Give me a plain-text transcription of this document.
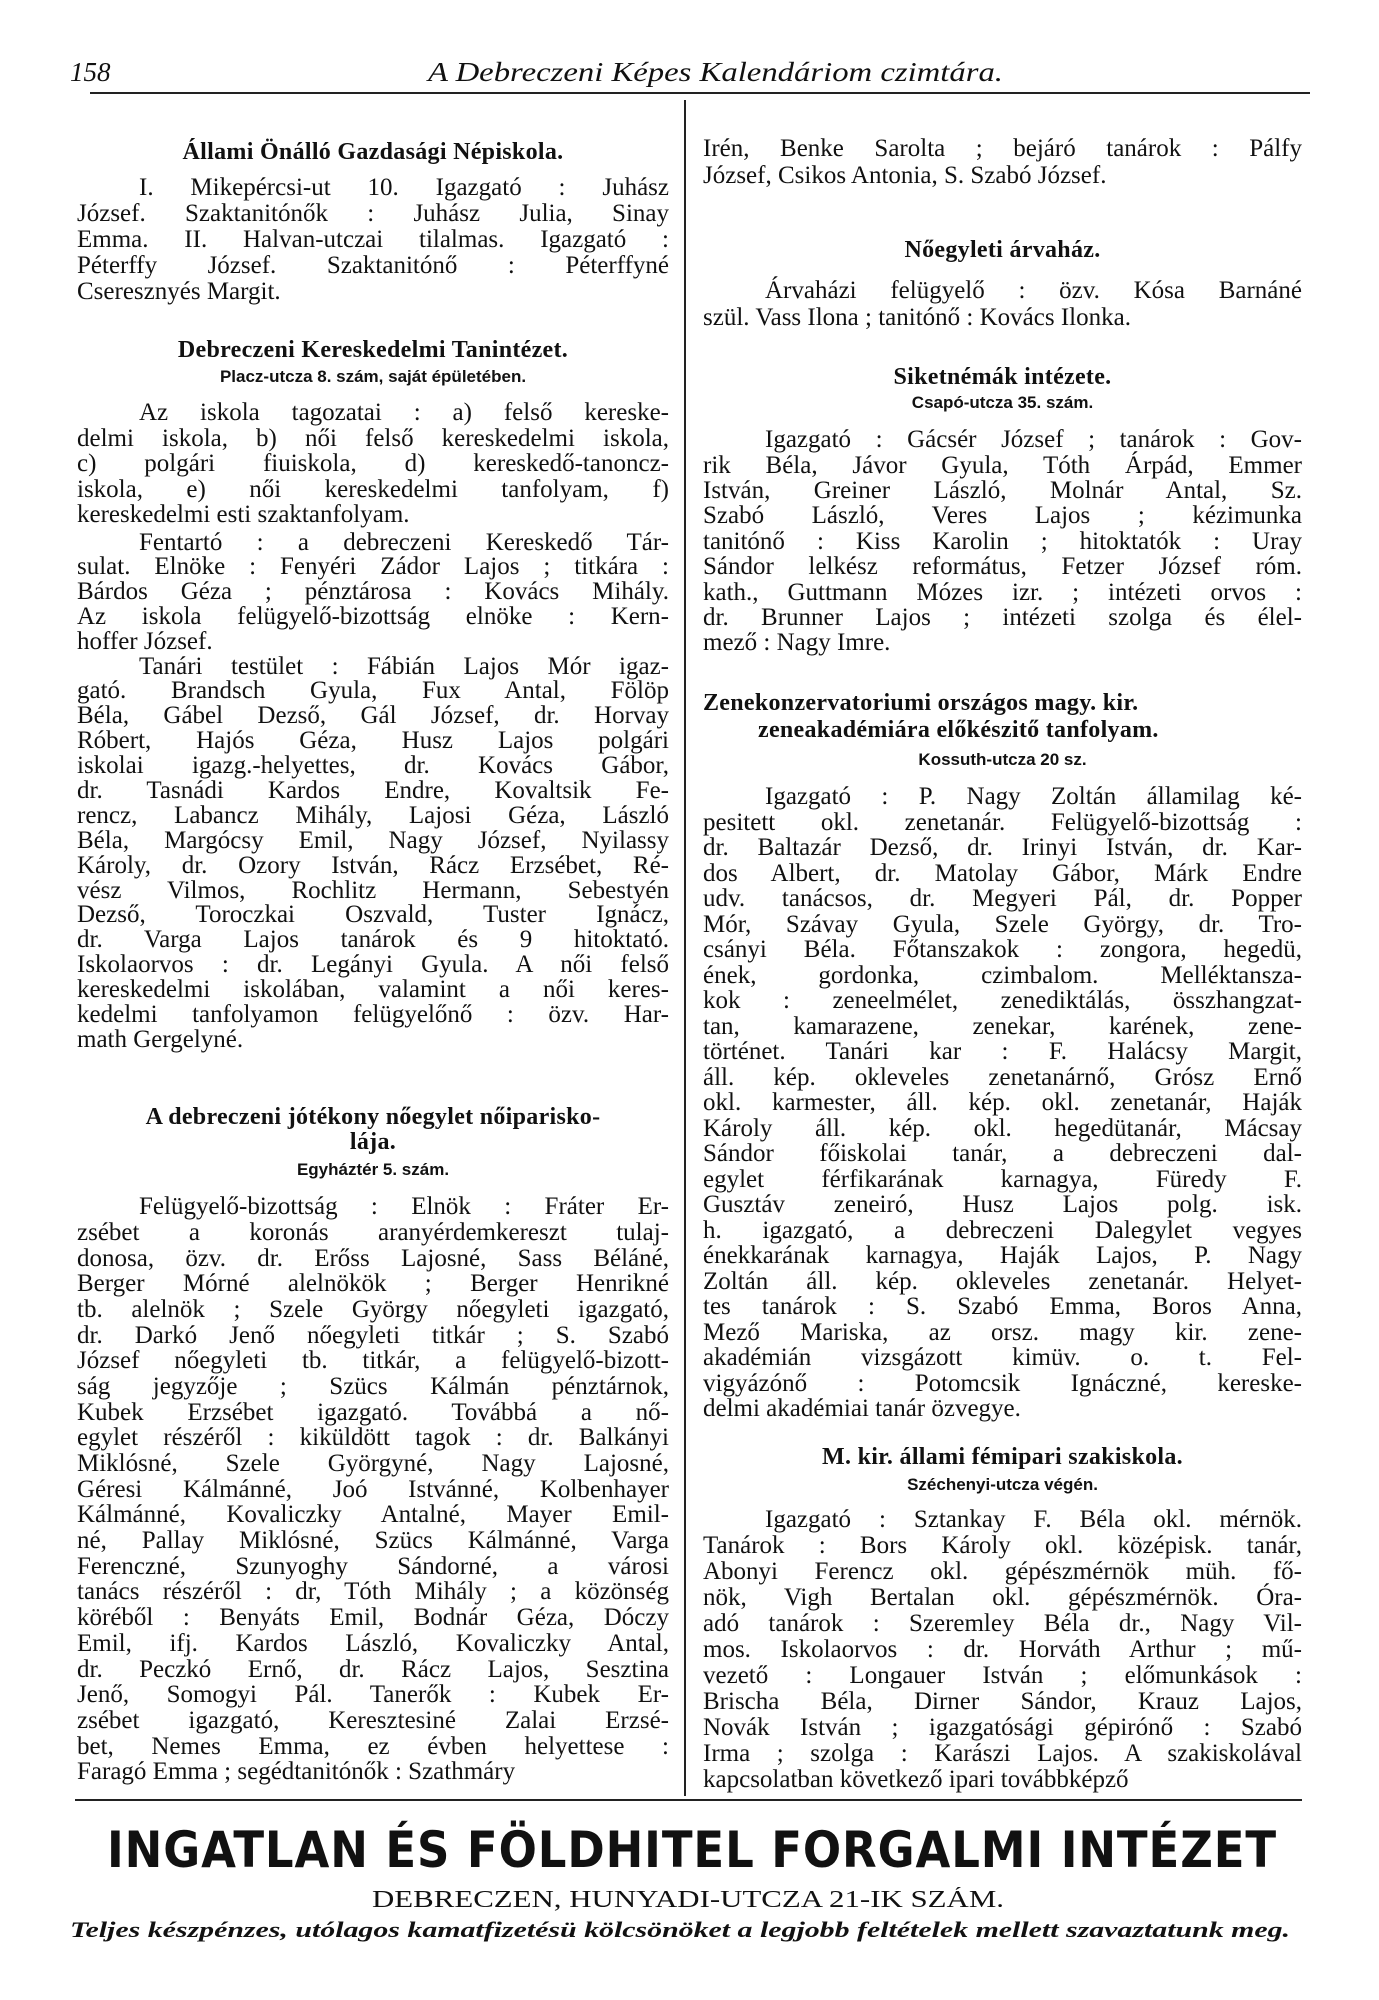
158	A Debreczeni Képes Kalendáriom czimtára.
Állami Önálló Gazdasági Népiskola.
I. Mikepércsi-ut 10. Igazgató : Juhász
József. Szaktanitónők : Juhász Julia, Sinay
Emma. II. Halvan-utczai tilalmas. Igazgató :
Péterffy József. Szaktanitónő : Péterffyné
Cseresznyés Margit.
Debreczeni Kereskedelmi Tanintézet.
Placz-utcza 8. szám, saját épületében.
Az iskola tagozatai : a) felső kereske-
delmi iskola, b) női felső kereskedelmi iskola,
c) polgári fiuiskola, d) kereskedő-tanoncz-
iskola, e) női kereskedelmi tanfolyam, f)
kereskedelmi esti szaktanfolyam.
Fentartó : a debreczeni Kereskedő Tár-
sulat. Elnöke : Fenyéri Zádor Lajos ; titkára :
Bárdos Géza ; pénztárosa : Kovács Mihály.
Az iskola felügyelő-bizottság elnöke : Kern-
hoffer József.
Tanári testület : Fábián Lajos Mór igaz-
gató. Brandsch Gyula, Fux Antal, Fölöp
Béla, Gábel Dezső, Gál József, dr. Horvay
Róbert, Hajós Géza, Husz Lajos polgári
iskolai igazg.-helyettes, dr. Kovács Gábor,
dr. Tasnádi Kardos Endre, Kovaltsik Fe-
rencz, Labancz Mihály, Lajosi Géza, László
Béla, Margócsy Emil, Nagy József, Nyilassy
Károly, dr. Ozory István, Rácz Erzsébet, Ré-
vész Vilmos, Rochlitz Hermann, Sebestyén
Dezső, Toroczkai Oszvald, Tuster Ignácz,
dr. Varga Lajos tanárok és 9 hitoktató.
Iskolaorvos : dr. Legányi Gyula. A női felső
kereskedelmi iskolában, valamint a női keres-
kedelmi tanfolyamon felügyelőnő : özv. Har-
math Gergelyné.
A debreczeni jótékony nőegylet nőiparisko-
lája.
Egyháztér 5. szám.
Felügyelő-bizottság : Elnök : Fráter Er-
zsébet a koronás aranyérdemkereszt tulaj-
donosa, özv. dr. Erőss Lajosné, Sass Béláné,
Berger Mórné alelnökök ; Berger Henrikné
tb. alelnök ; Szele György nőegyleti igazgató,
dr. Darkó Jenő nőegyleti titkár ; S. Szabó
József nőegyleti tb. titkár, a felügyelő-bizott-
ság jegyzője ; Szücs Kálmán pénztárnok,
Kubek Erzsébet igazgató. Továbbá a nő-
egylet részéről : kiküldött tagok : dr. Balkányi
Miklósné, Szele Györgyné, Nagy Lajosné,
Géresi Kálmánné, Joó Istvánné, Kolbenhayer
Kálmánné, Kovaliczky Antalné, Mayer Emil-
né, Pallay Miklósné, Szücs Kálmánné, Varga
Ferenczné, Szunyoghy Sándorné, a városi
tanács részéről : dr, Tóth Mihály ; a közönség
köréből : Benyáts Emil, Bodnár Géza, Dóczy
Emil, ifj. Kardos László, Kovaliczky Antal,
dr. Peczkó Ernő, dr. Rácz Lajos, Sesztina
Jenő, Somogyi Pál. Tanerők : Kubek Er-
zsébet igazgató, Keresztesiné Zalai Erzsé-
bet, Nemes Emma, ez évben helyettese :
Faragó Emma ; segédtanitónők : Szathmáry
Irén, Benke Sarolta ; bejáró tanárok : Pálfy
József, Csikos Antonia, S. Szabó József.
Nőegyleti árvaház.
Árvaházi felügyelő : özv. Kósa Barnáné
szül. Vass Ilona ; tanitónő : Kovács Ilonka.
Siketnémák intézete.
Csapó-utcza 35. szám.
Igazgató : Gácsér József ; tanárok : Gov-
rik Béla, Jávor Gyula, Tóth Árpád, Emmer
István, Greiner László, Molnár Antal, Sz.
Szabó László, Veres Lajos ; kézimunka
tanitónő : Kiss Karolin ; hitoktatók : Uray
Sándor lelkész református, Fetzer József róm.
kath., Guttmann Mózes izr. ; intézeti orvos :
dr. Brunner Lajos ; intézeti szolga és élel-
mező : Nagy Imre.
Zenekonzervatoriumi országos magy. kir.
zeneakadémiára előkészitő tanfolyam.
Kossuth-utcza 20 sz.
Igazgató : P. Nagy Zoltán államilag ké-
pesitett okl. zenetanár. Felügyelő-bizottság :
dr. Baltazár Dezső, dr. Irinyi István, dr. Kar-
dos Albert, dr. Matolay Gábor, Márk Endre
udv. tanácsos, dr. Megyeri Pál, dr. Popper
Mór, Szávay Gyula, Szele György, dr. Tro-
csányi Béla. Főtanszakok : zongora, hegedü,
ének, gordonka, czimbalom. Melléktansza-
kok : zeneelmélet, zenediktálás, összhangzat-
tan, kamarazene, zenekar, karének, zene-
történet. Tanári kar : F. Halácsy Margit,
áll. kép. okleveles zenetanárnő, Grósz Ernő
okl. karmester, áll. kép. okl. zenetanár, Haják
Károly áll. kép. okl. hegedütanár, Mácsay
Sándor főiskolai tanár, a debreczeni dal-
egylet férfikarának karnagya, Füredy F.
Gusztáv zeneiró, Husz Lajos polg. isk.
h. igazgató, a debreczeni Dalegylet vegyes
énekkarának karnagya, Haják Lajos, P. Nagy
Zoltán áll. kép. okleveles zenetanár. Helyet-
tes tanárok : S. Szabó Emma, Boros Anna,
Mező Mariska, az orsz. magy kir. zene-
akadémián vizsgázott kimüv. o. t. Fel-
vigyázónő : Potomcsik Ignáczné, kereske-
delmi akadémiai tanár özvegye.
M. kir. állami fémipari szakiskola.
Széchenyi-utcza végén.
Igazgató : Sztankay F. Béla okl. mérnök.
Tanárok : Bors Károly okl. középisk. tanár,
Abonyi Ferencz okl. gépészmérnök müh. fő-
nök, Vigh Bertalan okl. gépészmérnök. Óra-
adó tanárok : Szeremley Béla dr., Nagy Vil-
mos. Iskolaorvos : dr. Horváth Arthur ; mű-
vezető : Longauer István ; előmunkások :
Brischa Béla, Dirner Sándor, Krauz Lajos,
Novák István ; igazgatósági gépirónő : Szabó
Irma ; szolga : Karászi Lajos. A szakiskolával
kapcsolatban következő ipari továbbképző
INGATLAN ÉS FÖLDHITEL FORGALMI INTÉZET
DEBRECZEN, HUNYADI-UTCZA 21-IK SZÁM.
Teljes készpénzes, utólagos kamatfizetésü kölcsönöket a legjobb feltételek mellett szavaztatunk meg.
